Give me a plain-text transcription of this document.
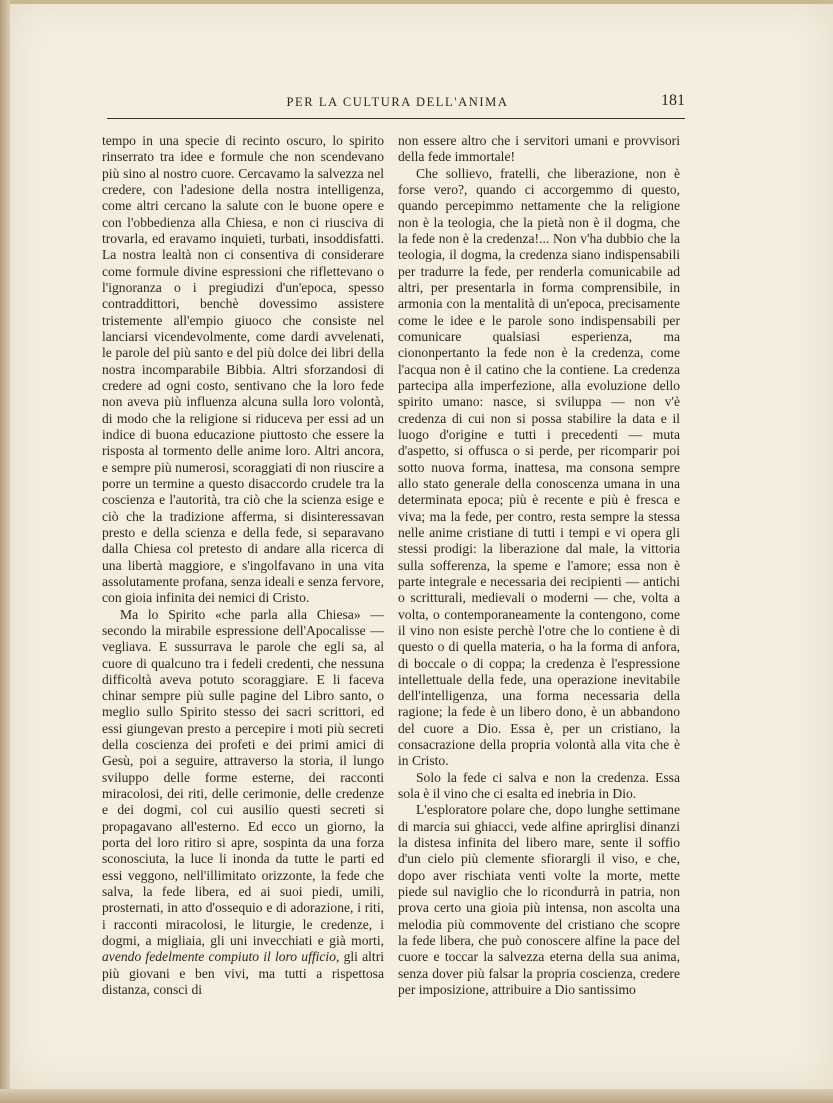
PER LA CULTURA DELL'ANIMA	181

tempo in una specie di recinto oscuro, lo spirito rinserrato tra idee e formule che non scendevano più sino al nostro cuore. Cercavamo la salvezza nel credere, con l'adesione della nostra intelligenza, come altri cercano la salute con le buone opere e con l'obbedienza alla Chiesa, e non ci riusciva di trovarla, ed eravamo inquieti, turbati, insoddisfatti. La nostra lealtà non ci consentiva di considerare come formule divine espressioni che riflettevano o l'ignoranza o i pregiudizi d'un'epoca, spesso contraddittori, benchè dovessimo assistere tristemente all'empio giuoco che consiste nel lanciarsi vicendevolmente, come dardi avvelenati, le parole del più santo e del più dolce dei libri della nostra incomparabile Bibbia. Altri sforzandosi di credere ad ogni costo, sentivano che la loro fede non aveva più influenza alcuna sulla loro volontà, di modo che la religione si riduceva per essi ad un indice di buona educazione piuttosto che essere la risposta al tormento delle anime loro. Altri ancora, e sempre più numerosi, scoraggiati di non riuscire a porre un termine a questo disaccordo crudele tra la coscienza e l'autorità, tra ciò che la scienza esige e ciò che la tradizione afferma, si disinteressavan presto e della scienza e della fede, si separavano dalla Chiesa col pretesto di andare alla ricerca di una libertà maggiore, e s'ingolfavano in una vita assolutamente profana, senza ideali e senza fervore, con gioia infinita dei nemici di Cristo.

Ma lo Spirito «che parla alla Chiesa» — secondo la mirabile espressione dell'Apocalisse — vegliava. E sussurrava le parole che egli sa, al cuore di qualcuno tra i fedeli credenti, che nessuna difficoltà aveva potuto scoraggiare. E li faceva chinar sempre più sulle pagine del Libro santo, o meglio sullo Spirito stesso dei sacri scrittori, ed essi giungevan presto a percepire i moti più secreti della coscienza dei profeti e dei primi amici di Gesù, poi a seguire, attraverso la storia, il lungo sviluppo delle forme esterne, dei racconti miracolosi, dei riti, delle cerimonie, delle credenze e dei dogmi, col cui ausilio questi secreti si propagavano all'esterno. Ed ecco un giorno, la porta del loro ritiro si apre, sospinta da una forza sconosciuta, la luce li inonda da tutte le parti ed essi veggono, nell'illimitato orizzonte, la fede che salva, la fede libera, ed ai suoi piedi, umili, prosternati, in atto d'ossequio e di adorazione, i riti, i racconti miracolosi, le liturgie, le credenze, i dogmi, a migliaia, gli uni invecchiati e già morti, avendo fedelmente compiuto il loro ufficio, gli altri più giovani e ben vivi, ma tutti a rispettosa distanza, consci di

non essere altro che i servitori umani e provvisori della fede immortale!

Che sollievo, fratelli, che liberazione, non è forse vero?, quando ci accorgemmo di questo, quando percepimmo nettamente che la religione non è la teologia, che la pietà non è il dogma, che la fede non è la credenza!... Non v'ha dubbio che la teologia, il dogma, la credenza siano indispensabili per tradurre la fede, per renderla comunicabile ad altri, per presentarla in forma comprensibile, in armonia con la mentalità di un'epoca, precisamente come le idee e le parole sono indispensabili per comunicare qualsiasi esperienza, ma ciononpertanto la fede non è la credenza, come l'acqua non è il catino che la contiene. La credenza partecipa alla imperfezione, alla evoluzione dello spirito umano: nasce, si sviluppa — non v'è credenza di cui non si possa stabilire la data e il luogo d'origine e tutti i precedenti — muta d'aspetto, si offusca o si perde, per ricomparir poi sotto nuova forma, inattesa, ma consona sempre allo stato generale della conoscenza umana in una determinata epoca; più è recente e più è fresca e viva; ma la fede, per contro, resta sempre la stessa nelle anime cristiane di tutti i tempi e vi opera gli stessi prodigi: la liberazione dal male, la vittoria sulla sofferenza, la speme e l'amore; essa non è parte integrale e necessaria dei recipienti — antichi o scritturali, medievali o moderni — che, volta a volta, o contemporaneamente la contengono, come il vino non esiste perchè l'otre che lo contiene è di questo o di quella materia, o ha la forma di anfora, di boccale o di coppa; la credenza è l'espressione intellettuale della fede, una operazione inevitabile dell'intelligenza, una forma necessaria della ragione; la fede è un libero dono, è un abbandono del cuore a Dio. Essa è, per un cristiano, la consacrazione della propria volontà alla vita che è in Cristo.

Solo la fede ci salva e non la credenza. Essa sola è il vino che ci esalta ed inebria in Dio.

L'esploratore polare che, dopo lunghe settimane di marcia sui ghiacci, vede alfine aprirglisi dinanzi la distesa infinita del libero mare, sente il soffio d'un cielo più clemente sfiorargli il viso, e che, dopo aver rischiata venti volte la morte, mette piede sul naviglio che lo ricondurrà in patria, non prova certo una gioia più intensa, non ascolta una melodia più commovente del cristiano che scopre la fede libera, che può conoscere alfine la pace del cuore e toccar la salvezza eterna della sua anima, senza dover più falsar la propria coscienza, credere per imposizione, attribuire a Dio santissimo
